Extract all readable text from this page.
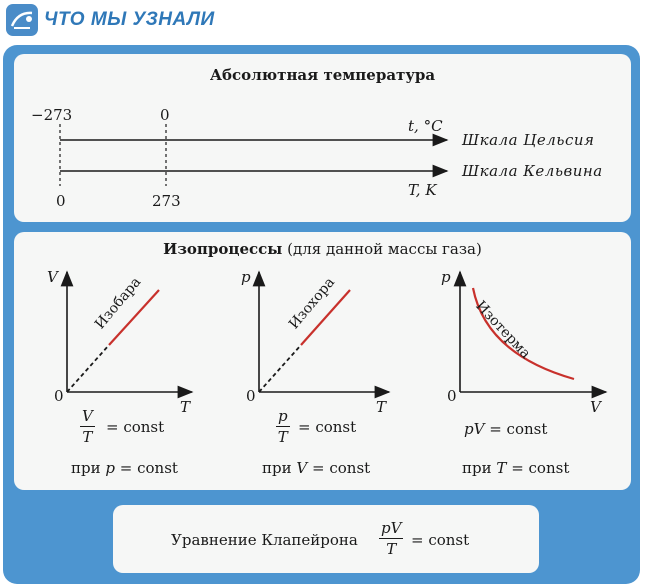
ЧТО МЫ УЗНАЛИ
Абсолютная температура
−273	0
t, °C
Шкала Цельсия
0	273
T, K
Шкала Кельвина
Изопроцессы (для данной массы газа)
V
T
0
Изобара	p
T
0
Изохора	p
V
0
Изотерма
$\frac{V}{T}$ = const	$\frac{p}{T}$ = const	pV = const
при p = const	при V = const	при T = const
Уравнение Клапейрона $\frac{pV}{T}$ = const
